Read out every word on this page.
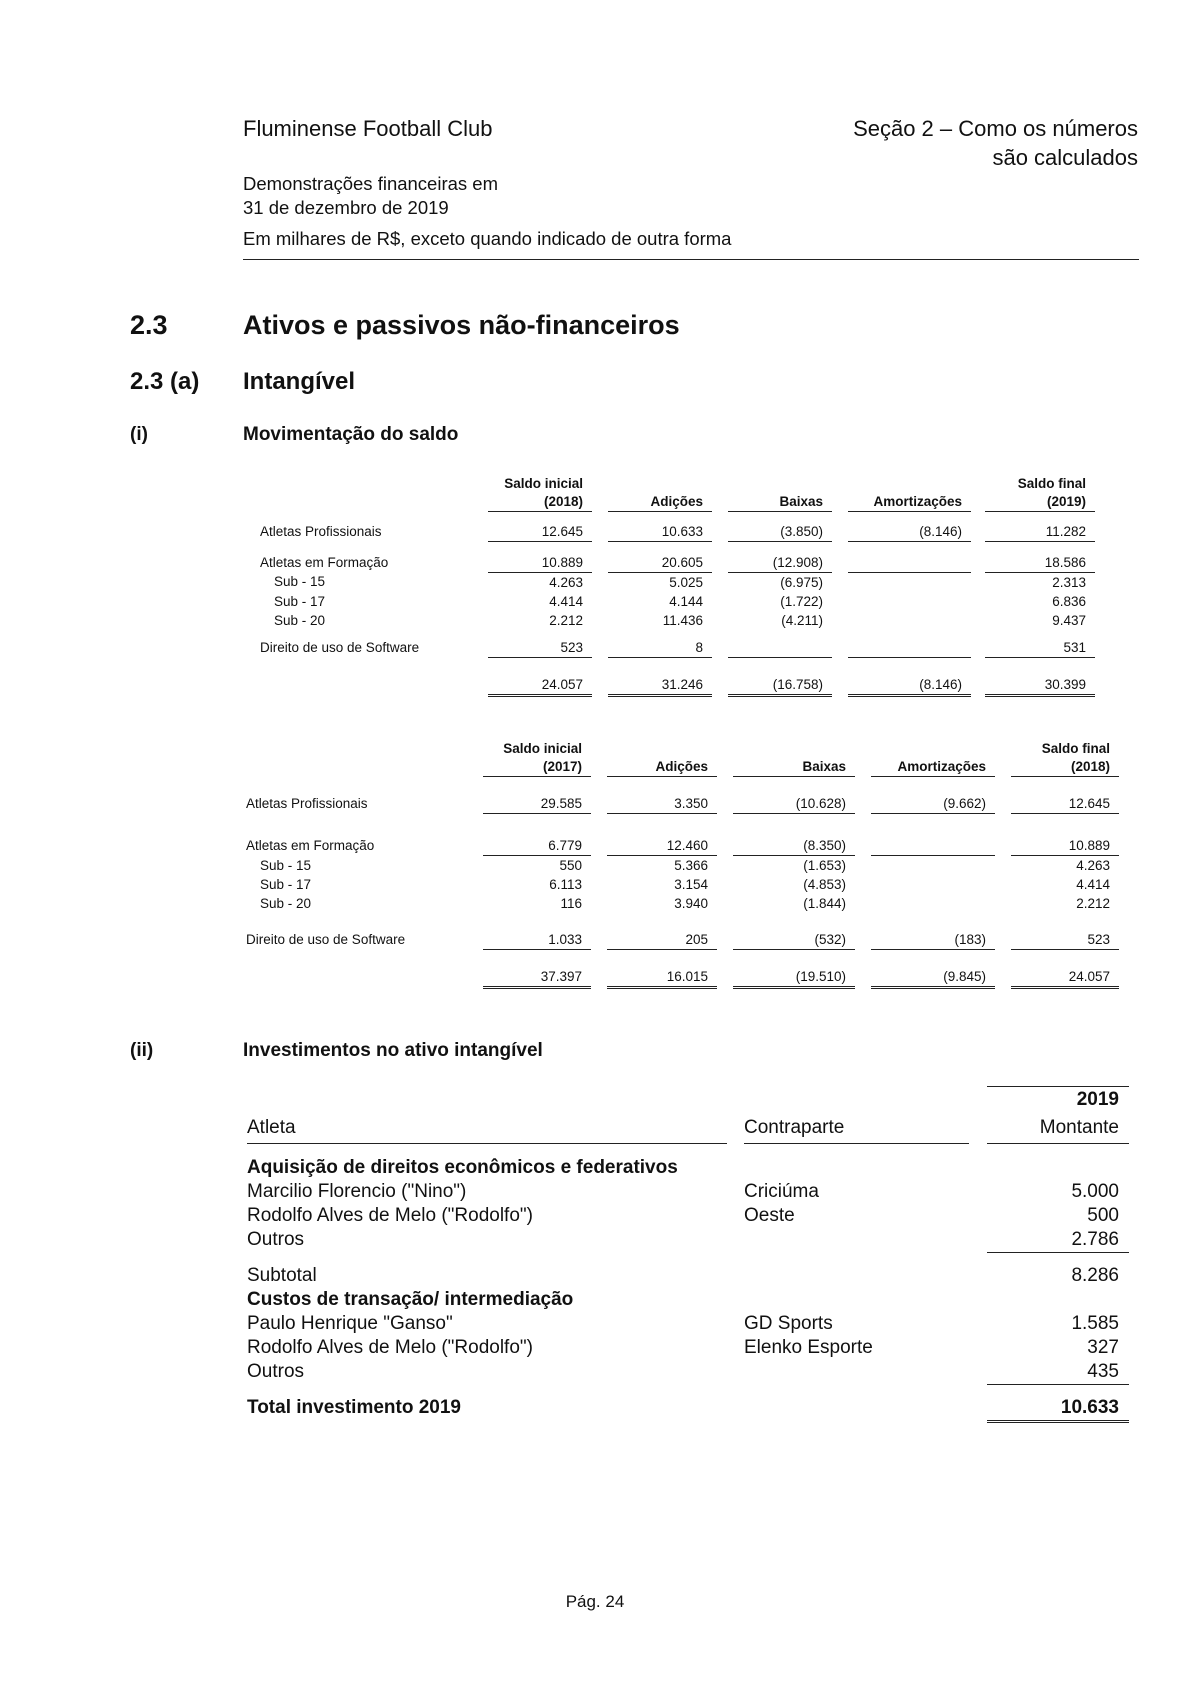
Fluminense Football Club	Seção 2 – Como os números
são calculados
Demonstrações financeiras em
31 de dezembro de 2019
Em milhares de R$, exceto quando indicado de outra forma
2.3	Ativos e passivos não-financeiros
2.3 (a) Intangível
(i)	Movimentação do saldo
	Saldo inicial
(2018)		Adições		Baixas		Amortizações		Saldo final
(2019)

Atletas Profissionais	12.645		10.633		(3.850)		(8.146)		11.282

Atletas em Formação	10.889		20.605		(12.908)				18.586
Sub - 15	4.263		5.025		(6.975)				2.313
Sub - 17	4.414		4.144		(1.722)				6.836
Sub - 20	2.212		11.436		(4.211)				9.437

Direito de uso de Software	523		8						531

	24.057		31.246		(16.758)		(8.146)		30.399
	Saldo inicial
(2017)		Adições		Baixas		Amortizações		Saldo final
(2018)

Atletas Profissionais	29.585		3.350		(10.628)		(9.662)		12.645

Atletas em Formação	6.779		12.460		(8.350)				10.889
Sub - 15	550		5.366		(1.653)				4.263
Sub - 17	6.113		3.154		(4.853)				4.414
Sub - 20	116		3.940		(1.844)				2.212

Direito de uso de Software	1.033		205		(532)		(183)		523

	37.397		16.015		(19.510)		(9.845)		24.057
(ii)	Investimentos no ativo intangível
				2019
Atleta		Contraparte		Montante

Aquisição de direitos econômicos e federativos				
Marcilio Florencio ("Nino")		Criciúma		5.000
Rodolfo Alves de Melo ("Rodolfo")		Oeste		500
Outros				2.786

Subtotal				8.286
Custos de transação/ intermediação				
Paulo Henrique "Ganso"		GD Sports		1.585
Rodolfo Alves de Melo ("Rodolfo")		Elenko Esporte		327
Outros				435

Total investimento 2019				10.633
Pág. 24
